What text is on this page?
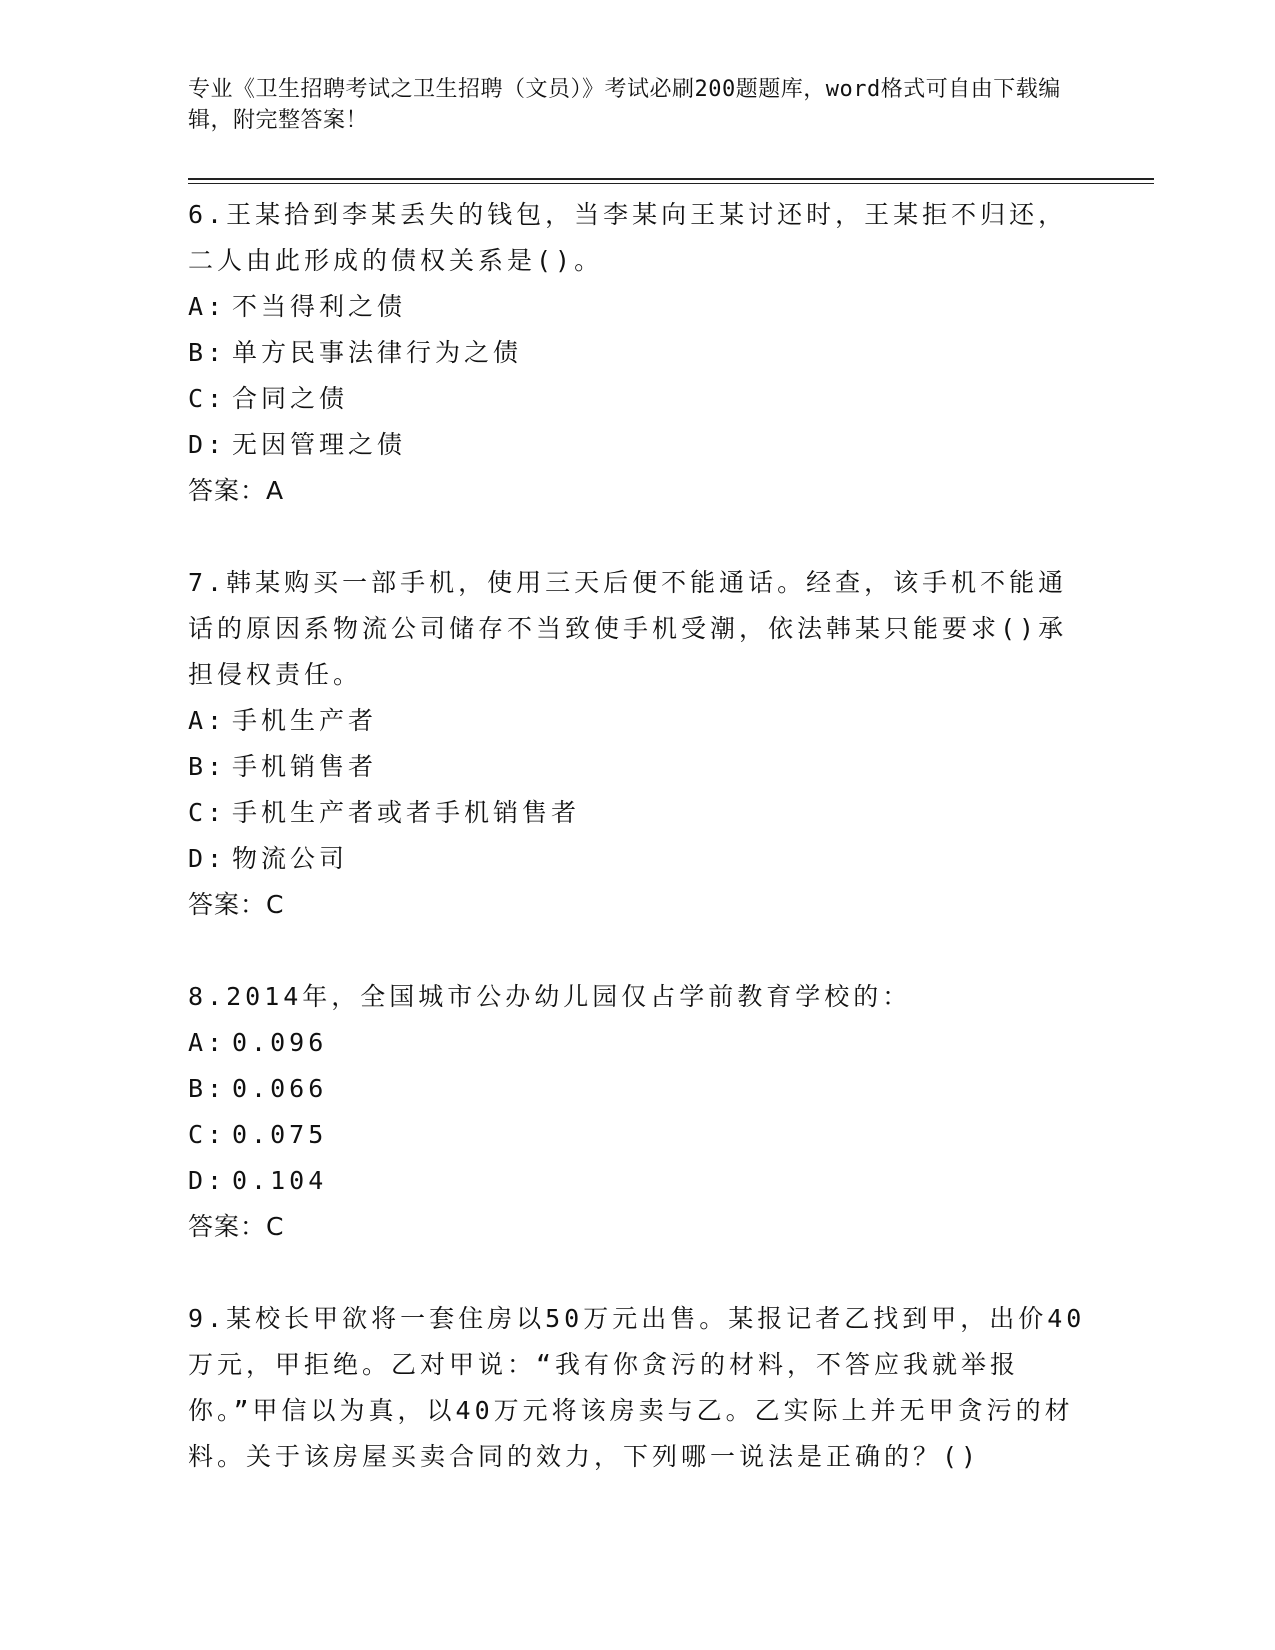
专业《卫生招聘考试之卫生招聘（文员）》考试必刷200题题库，word格式可自由下载编辑，附完整答案！

6.王某拾到李某丢失的钱包，当李某向王某讨还时，王某拒不归还，二人由此形成的债权关系是()。

A: 不当得利之债

B: 单方民事法律行为之债

C: 合同之债

D: 无因管理之债

答案：A

7.韩某购买一部手机，使用三天后便不能通话。经查，该手机不能通话的原因系物流公司储存不当致使手机受潮，依法韩某只能要求()承担侵权责任。

A: 手机生产者

B: 手机销售者

C: 手机生产者或者手机销售者

D: 物流公司

答案：C

8.2014年，全国城市公办幼儿园仅占学前教育学校的：

A: 0.096

B: 0.066

C: 0.075

D: 0.104

答案：C

9.某校长甲欲将一套住房以50万元出售。某报记者乙找到甲，出价40万元，甲拒绝。乙对甲说：“我有你贪污的材料，不答应我就举报你。”甲信以为真，以40万元将该房卖与乙。乙实际上并无甲贪污的材料。关于该房屋买卖合同的效力，下列哪一说法是正确的？()
